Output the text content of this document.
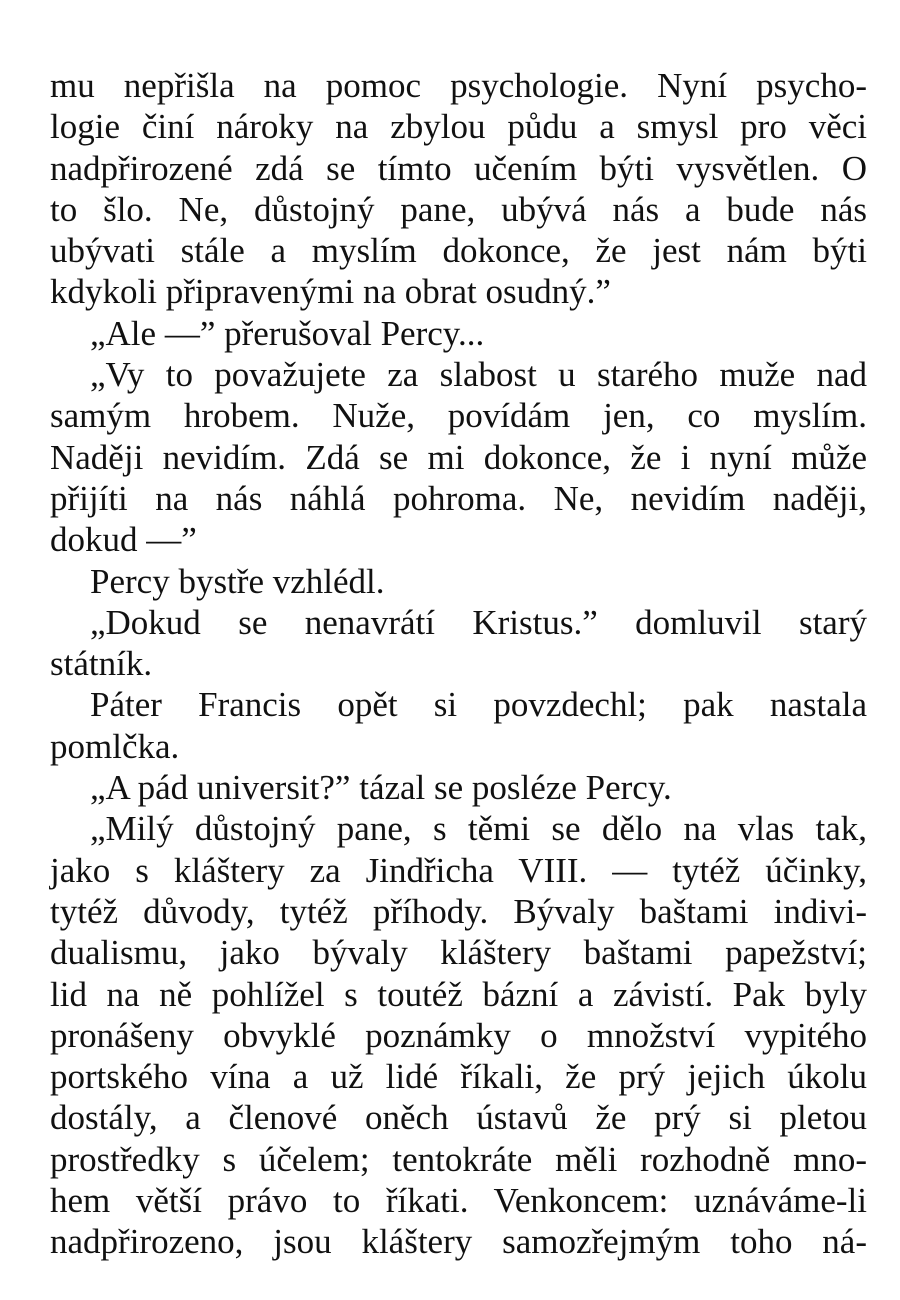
mu nepřišla na pomoc psychologie. Nyní psycho-
logie činí nároky na zbylou půdu a smysl pro věci
nadpřirozené zdá se tímto učením býti vysvětlen. O
to šlo. Ne, důstojný pane, ubývá nás a bude nás
ubývati stále a myslím dokonce, že jest nám býti
kdykoli připravenými na obrat osudný.”
„Ale —” přerušoval Percy...
„Vy to považujete za slabost u starého muže nad
samým hrobem. Nuže, povídám jen, co myslím.
Naději nevidím. Zdá se mi dokonce, že i nyní může
přijíti na nás náhlá pohroma. Ne, nevidím naději,
dokud —”
Percy bystře vzhlédl.
„Dokud se nenavrátí Kristus.” domluvil starý
státník.
Páter Francis opět si povzdechl; pak nastala
pomlčka.
„A pád universit?” tázal se posléze Percy.
„Milý důstojný pane, s těmi se dělo na vlas tak,
jako s kláštery za Jindřicha VIII. — tytéž účinky,
tytéž důvody, tytéž příhody. Bývaly baštami indivi-
dualismu, jako bývaly kláštery baštami papežství;
lid na ně pohlížel s toutéž bázní a závistí. Pak byly
pronášeny obvyklé poznámky o množství vypitého
portského vína a už lidé říkali, že prý jejich úkolu
dostály, a členové oněch ústavů že prý si pletou
prostředky s účelem; tentokráte měli rozhodně mno-
hem větší právo to říkati. Venkoncem: uznáváme-li
nadpřirozeno, jsou kláštery samozřejmým toho ná-
